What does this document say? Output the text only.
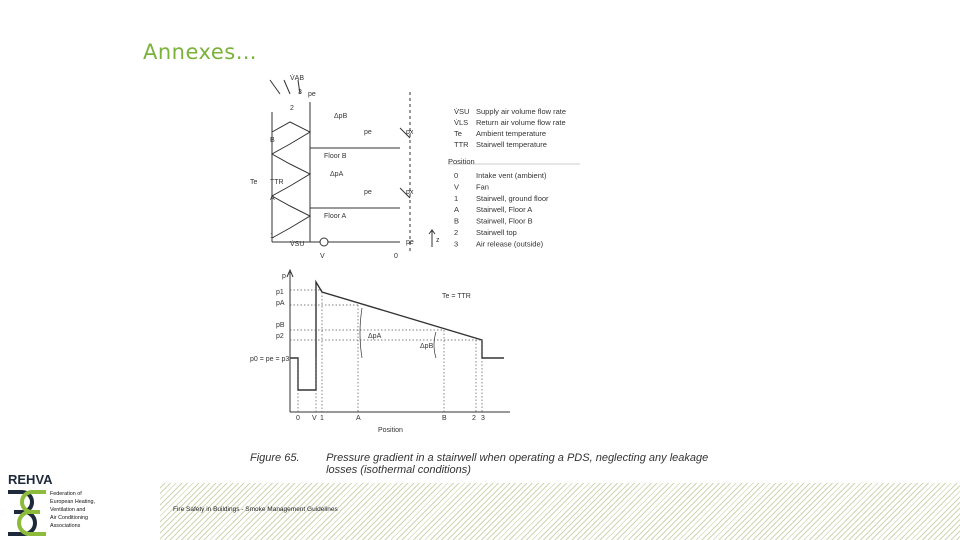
Annexes…
V̇AB
pe
3
2
ΔpB
pe	px
B
Floor B
Te TTR
ΔpA
pe	px
A
Floor A
1
V̇SU	pe	z
V	0
V̇SU Supply air volume flow rate
V̇LS Return air volume flow rate
Te Ambient temperature
TTR Stairwell temperature
Position
0 Intake vent (ambient)
V Fan
1 Stairwell, ground floor
A Stairwell, Floor A
B Stairwell, Floor B
2 Stairwell top
3 Air release (outside)
p
Te = TTR
ΔpA
ΔpB
p0 = pe = p3
Position
p1
pA
pB
p2
0 V 1	A	B	2 3
Figure 65. Pressure gradient in a stairwell when operating a PDS, neglecting any leakage losses (isothermal conditions)
Fire Safety in Buildings - Smoke Management Guidelines
REHVA
Federation of
European Heating,
Ventilation and
Air Conditioning
Associations
